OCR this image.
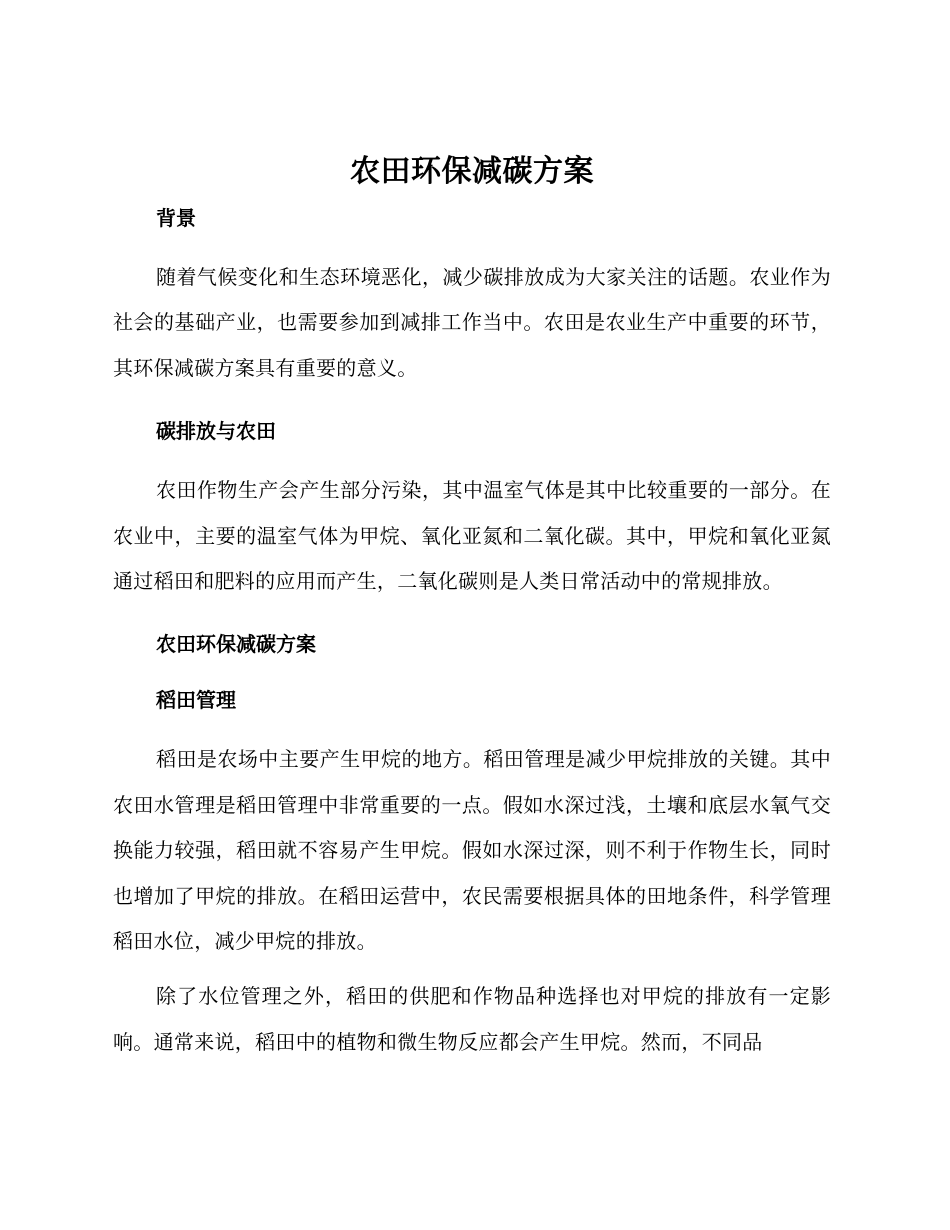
农田环保减碳方案
背景

随着气候变化和生态环境恶化，减少碳排放成为大家关注的话题。农业作为社会的基础产业，也需要参加到减排工作当中。农田是农业生产中重要的环节，其环保减碳方案具有重要的意义。

碳排放与农田

农田作物生产会产生部分污染，其中温室气体是其中比较重要的一部分。在农业中，主要的温室气体为甲烷、氧化亚氮和二氧化碳。其中，甲烷和氧化亚氮通过稻田和肥料的应用而产生，二氧化碳则是人类日常活动中的常规排放。

农田环保减碳方案
稻田管理

稻田是农场中主要产生甲烷的地方。稻田管理是减少甲烷排放的关键。其中农田水管理是稻田管理中非常重要的一点。假如水深过浅，土壤和底层水氧气交换能力较强，稻田就不容易产生甲烷。假如水深过深，则不利于作物生长，同时也增加了甲烷的排放。在稻田运营中，农民需要根据具体的田地条件，科学管理稻田水位，减少甲烷的排放。

除了水位管理之外，稻田的供肥和作物品种选择也对甲烷的排放有一定影响。通常来说，稻田中的植物和微生物反应都会产生甲烷。然而，不同品
